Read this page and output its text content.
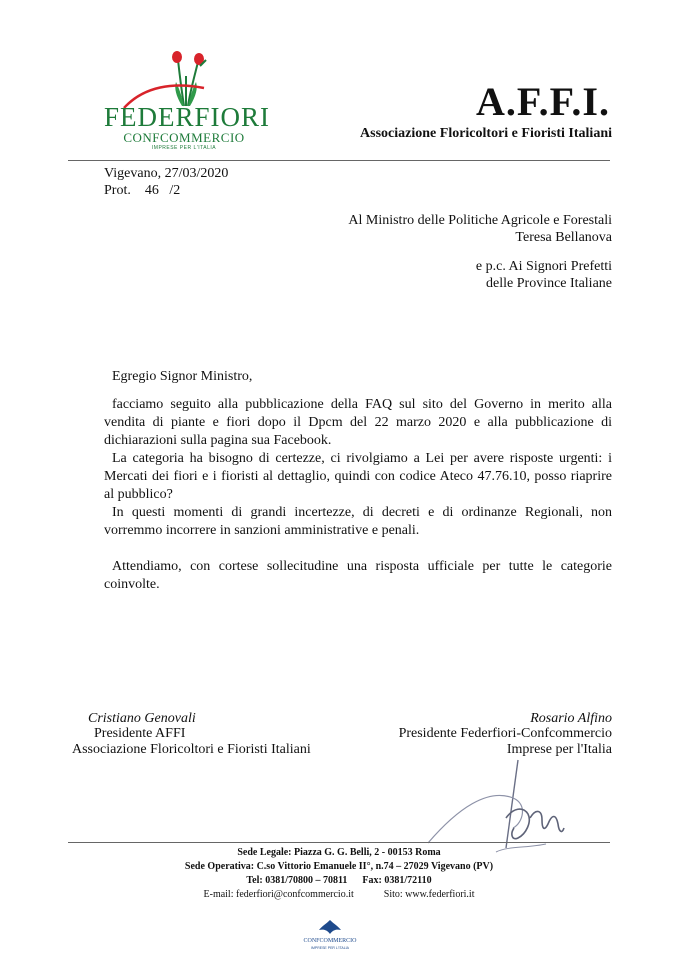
FEDERFIORI
CONFCOMMERCIO
IMPRESE PER L'ITALIA
A.F.F.I.
Associazione Floricoltori e Fioristi Italiani
Vigevano, 27/03/2020
Prot. 46   /2
Al Ministro delle Politiche Agricole e Forestali
Teresa Bellanova
e p.c. Ai Signori Prefetti
delle Province Italiane
Egregio Signor Ministro,

facciamo seguito alla pubblicazione della FAQ sul sito del Governo in merito alla vendita di piante e fiori dopo il Dpcm del 22 marzo 2020 e alla pubblicazione di dichiarazioni sulla pagina sua Facebook.

La categoria ha bisogno di certezze, ci rivolgiamo a Lei per avere risposte urgenti: i Mercati dei fiori e i fioristi al dettaglio, quindi con codice Ateco 47.76.10, posso riaprire al pubblico?

In questi momenti di grandi incertezze, di decreti e di ordinanze Regionali, non vorremmo incorrere in sanzioni amministrative e penali.

Attendiamo, con cortese sollecitudine una risposta ufficiale per tutte le categorie coinvolte.

Cristiano Genovali
Presidente AFFI
Associazione Floricoltori e Fioristi Italiani
Rosario Alfino
Presidente Federfiori-Confcommercio
Imprese per l'Italia
Sede Legale: Piazza G. G. Belli, 2 - 00153 Roma
Sede Operativa: C.so Vittorio Emanuele II°, n.74 – 27029 Vigevano (PV)
Tel: 0381/70800 – 70811 Fax: 0381/72110
E-mail: federfiori@confcommercio.it	Sito: www.federfiori.it
CONFCOMMERCIO
IMPRESE PER L'ITALIA
